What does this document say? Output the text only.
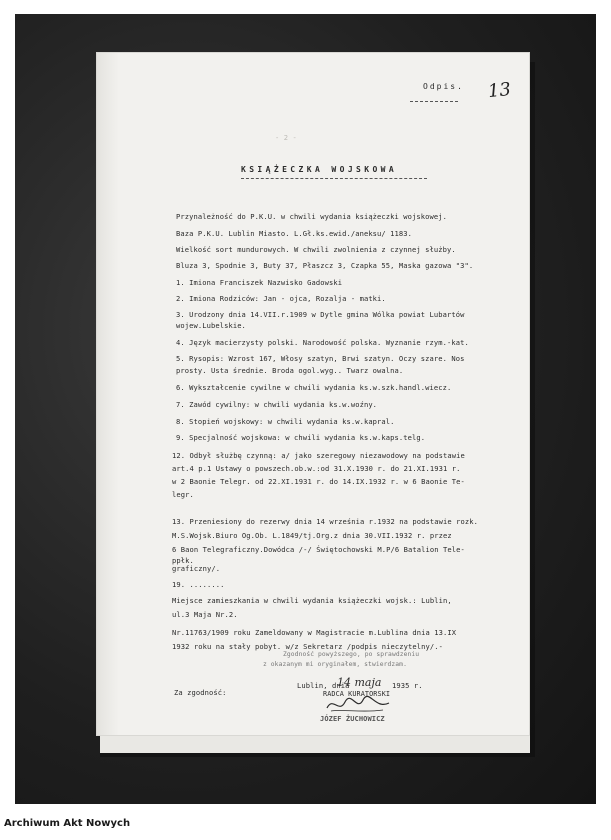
Odpis. 13
- 2 -
KSIĄŻECZKA WOJSKOWA
Przynależność do P.K.U. w chwili wydania książeczki wojskowej.
Baza P.K.U. Lublin Miasto. L.Gł.ks.ewid./aneksu/ 1183.
Wielkość sort mundurowych. W chwili zwolnienia z czynnej służby.
Bluza 3, Spodnie 3, Buty 37, Płaszcz 3, Czapka 55, Maska gazowa "3".
1. Imiona Franciszek Nazwisko Gadowski
2. Imiona Rodziców: Jan - ojca, Rozalja - matki.
3. Urodzony dnia 14.VII.r.1909 w Dytle gmina Wólka powiat Lubartów
wojew.Lubelskie.
4. Język macierzysty polski. Narodowość polska. Wyznanie rzym.-kat.
5. Rysopis: Wzrost 167, Włosy szatyn, Brwi szatyn. Oczy szare. Nos
prosty. Usta średnie. Broda ogol.wyg.. Twarz owalna.
6. Wykształcenie cywilne w chwili wydania ks.w.szk.handl.wiecz.
7. Zawód cywilny: w chwili wydania ks.w.woźny.
8. Stopień wojskowy: w chwili wydania ks.w.kapral.
9. Specjalność wojskowa: w chwili wydania ks.w.kaps.telg.
12. Odbył służbę czynną: a/ jako szeregowy niezawodowy na podstawie
art.4 p.1 Ustawy o powszech.ob.w.:od 31.X.1930 r. do 21.XI.1931 r.
w 2 Baonie Telegr. od 22.XI.1931 r. do 14.IX.1932 r. w 6 Baonie Te-
legr.
13. Przeniesiony do rezerwy dnia 14 września r.1932 na podstawie rozk.
M.S.Wojsk.Biuro Og.Ob. L.1849/tj.Org.z dnia 30.VII.1932 r. przez
6 Baon Telegraficzny.Dowódca /-/ Świętochowski M.P/6 Batalion Tele-
ppłk.
graficzny/.
19. ........
Miejsce zamieszkania w chwili wydania książeczki wojsk.: Lublin,
ul.3 Maja Nr.2.
Nr.11763/1909 roku Zameldowany w Magistracie m.Lublina dnia 13.IX
1932 roku na stały pobyt. w/z Sekretarz /podpis nieczytelny/.-
Zgodność powyższego, po sprawdzeniu
z okazanym mi oryginałem, stwierdzam.
Za zgodność:
Lublin, dnia
14 maja 1935 r.
RADCA KURATORSKI
JÓZEF ŻUCHOWICZ
Archiwum Akt Nowych
